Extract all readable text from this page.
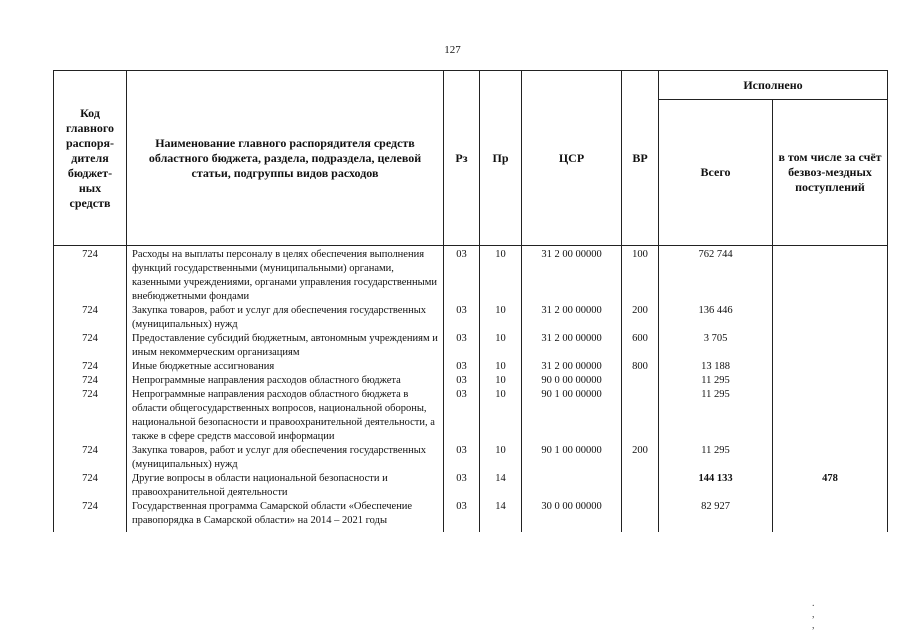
127
Код главного распоря-дителя бюджет-ных средств	Наименование главного распорядителя средств областного бюджета, раздела, подраздела, целевой статьи, подгруппы видов расходов	Рз	Пр	ЦСР	ВР	Исполнено	
						Всего	в том числе за счёт безвоз-мездных поступлений
724	Расходы на выплаты персоналу в целях обеспечения выполнения функций государственными (муниципальными) органами, казенными учреждениями, органами управления государственными внебюджетными фондами	03	10	31 2 00 00000	100	762 744	
724	Закупка товаров, работ и услуг для обеспечения государственных (муниципальных) нужд	03	10	31 2 00 00000	200	136 446	
724	Предоставление субсидий бюджетным, автономным учреждениям и иным некоммерческим организациям	03	10	31 2 00 00000	600	3 705	
724	Иные бюджетные ассигнования	03	10	31 2 00 00000	800	13 188	
724	Непрограммные направления расходов областного бюджета	03	10	90 0 00 00000		11 295	
724	Непрограммные направления расходов областного бюджета в области общегосударственных вопросов, национальной обороны, национальной безопасности и правоохранительной деятельности, а также в сфере средств массовой информации	03	10	90 1 00 00000		11 295	
724	Закупка товаров, работ и услуг для обеспечения государственных (муниципальных) нужд	03	10	90 1 00 00000	200	11 295	
724	Другие вопросы в области национальной безопасности и правоохранительной деятельности	03	14			144 133	478
724	Государственная программа Самарской области «Обеспечение правопорядка в Самарской области» на 2014 – 2021 годы	03	14	30 0 00 00000		82 927	

. , ,
